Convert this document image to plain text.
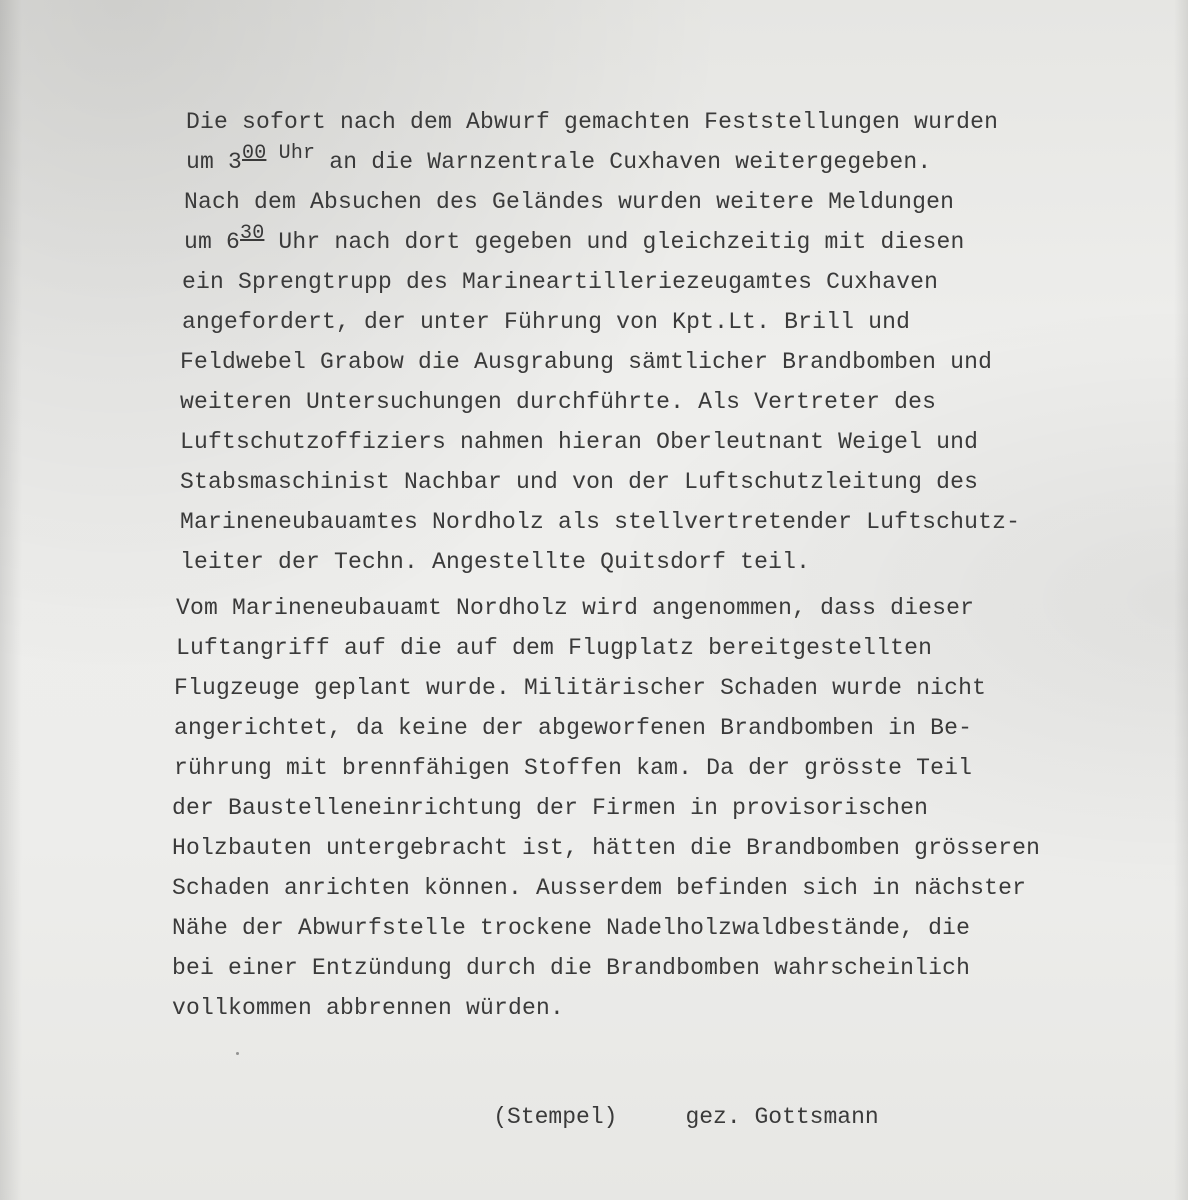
Die sofort nach dem Abwurf gemachten Feststellungen wurden
um 300 Uhr an die Warnzentrale Cuxhaven weitergegeben.
Nach dem Absuchen des Geländes wurden weitere Meldungen
um 630 Uhr nach dort gegeben und gleichzeitig mit diesen
ein Sprengtrupp des Marineartilleriezeugamtes Cuxhaven
angefordert, der unter Führung von Kpt.Lt. Brill und
Feldwebel Grabow die Ausgrabung sämtlicher Brandbomben und
weiteren Untersuchungen durchführte. Als Vertreter des
Luftschutzoffiziers nahmen hieran Oberleutnant Weigel und
Stabsmaschinist Nachbar und von der Luftschutzleitung des
Marineneubauamtes Nordholz als stellvertretender Luftschutz-
leiter der Techn. Angestellte Quitsdorf teil.
Vom Marineneubauamt Nordholz wird angenommen, dass dieser
Luftangriff auf die auf dem Flugplatz bereitgestellten
Flugzeuge geplant wurde. Militärischer Schaden wurde nicht
angerichtet, da keine der abgeworfenen Brandbomben in Be-
rührung mit brennfähigen Stoffen kam. Da der grösste Teil
der Baustelleneinrichtung der Firmen in provisorischen
Holzbauten untergebracht ist, hätten die Brandbomben grösseren
Schaden anrichten können. Ausserdem befinden sich in nächster
Nähe der Abwurfstelle trockene Nadelholzwaldbestände, die
bei einer Entzündung durch die Brandbomben wahrscheinlich
vollkommen abbrennen würden.

(Stempel)	gez. Gottsmann
